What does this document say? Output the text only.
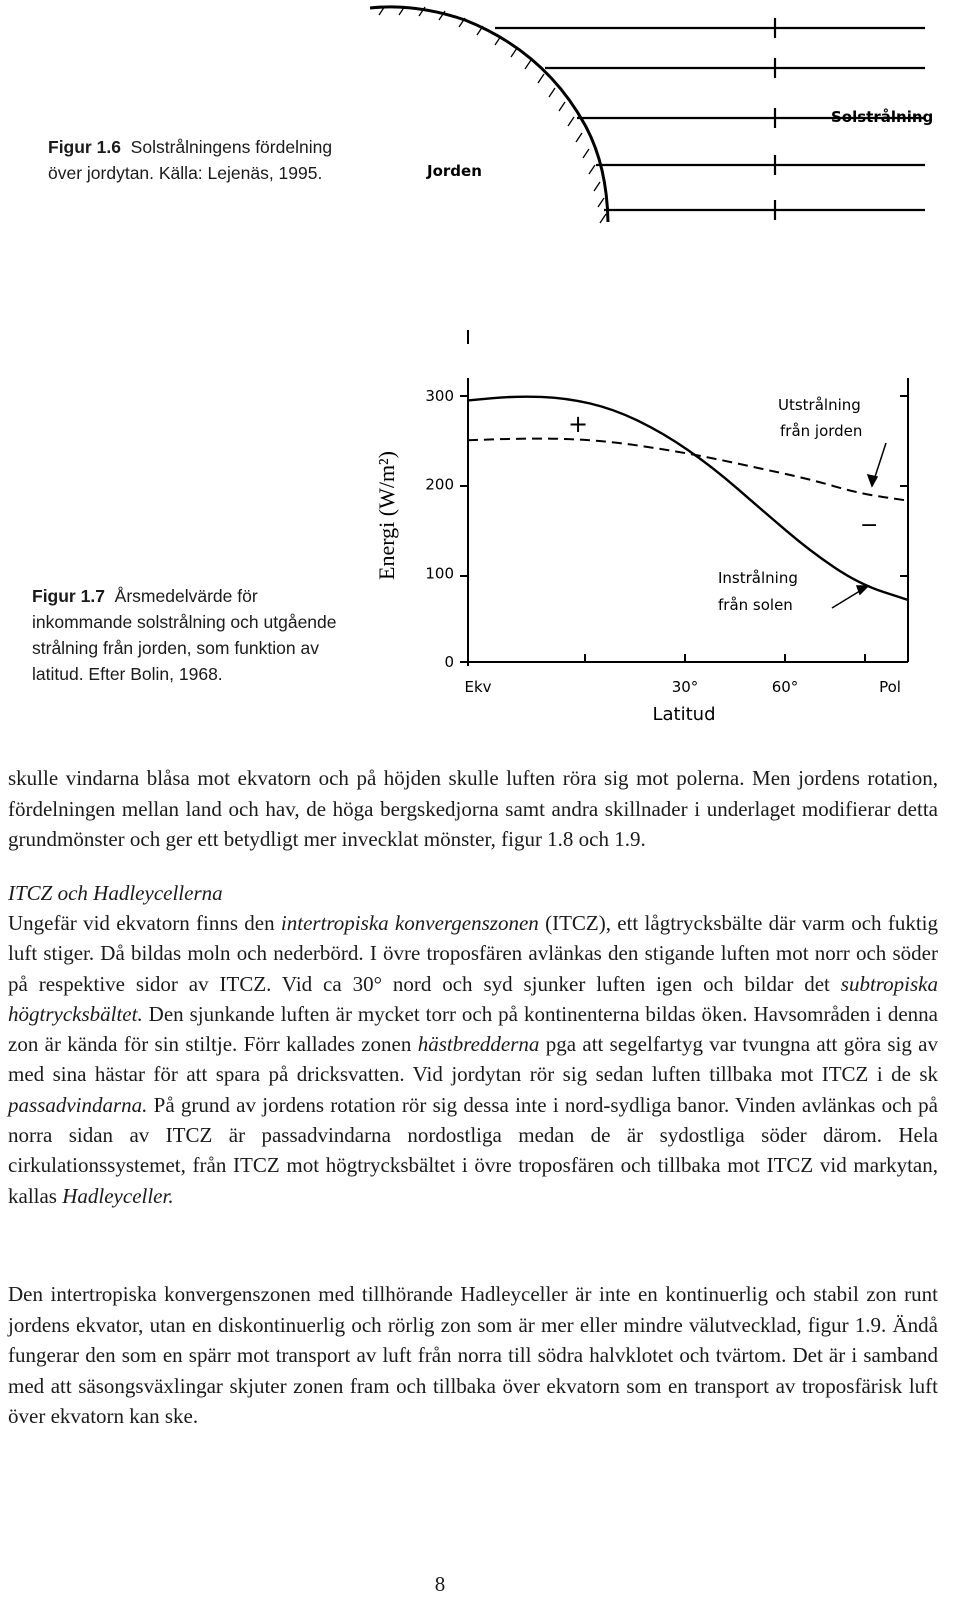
Figur 1.6 Solstrålningens fördelning över jordytan. Källa: Lejenäs, 1995.	Jorden
Solstrålning
Figur 1.7 Årsmedelvärde för inkommande solstrålning och utgående strålning från jorden, som funktion av latitud. Efter Bolin, 1968.
0
100
200
300
Ekv	30°	60°	Pol
Energi (W/m²)
Latitud
+
−
Utstrålning
från jorden
Instrålning
från solen

skulle vindarna blåsa mot ekvatorn och på höjden skulle luften röra sig mot polerna. Men jordens rotation, fördelningen mellan land och hav, de höga bergskedjorna samt andra skillnader i underlaget modifierar detta grundmönster och ger ett betydligt mer invecklat mönster, figur 1.8 och 1.9.

ITCZ och Hadleycellerna

Ungefär vid ekvatorn finns den intertropiska konvergenszonen (ITCZ), ett lågtrycksbälte där varm och fuktig luft stiger. Då bildas moln och nederbörd. I övre troposfären avlänkas den stigande luften mot norr och söder på respektive sidor av ITCZ. Vid ca 30° nord och syd sjunker luften igen och bildar det subtropiska högtrycksbältet. Den sjunkande luften är mycket torr och på kontinenterna bildas öken. Havsområden i denna zon är kända för sin stiltje. Förr kallades zonen hästbredderna pga att segelfartyg var tvungna att göra sig av med sina hästar för att spara på dricksvatten. Vid jordytan rör sig sedan luften tillbaka mot ITCZ i de sk passadvindarna. På grund av jordens rotation rör sig dessa inte i nord-sydliga banor. Vinden avlänkas och på norra sidan av ITCZ är passadvindarna nordostliga medan de är sydostliga söder därom. Hela cirkulationssystemet, från ITCZ mot högtrycksbältet i övre troposfären och tillbaka mot ITCZ vid markytan, kallas Hadleyceller.

Den intertropiska konvergenszonen med tillhörande Hadleyceller är inte en kontinuerlig och stabil zon runt jordens ekvator, utan en diskontinuerlig och rörlig zon som är mer eller mindre välutvecklad, figur 1.9. Ändå fungerar den som en spärr mot transport av luft från norra till södra halvklotet och tvärtom. Det är i samband med att säsongsväxlingar skjuter zonen fram och tillbaka över ekvatorn som en transport av troposfärisk luft över ekvatorn kan ske.

8
